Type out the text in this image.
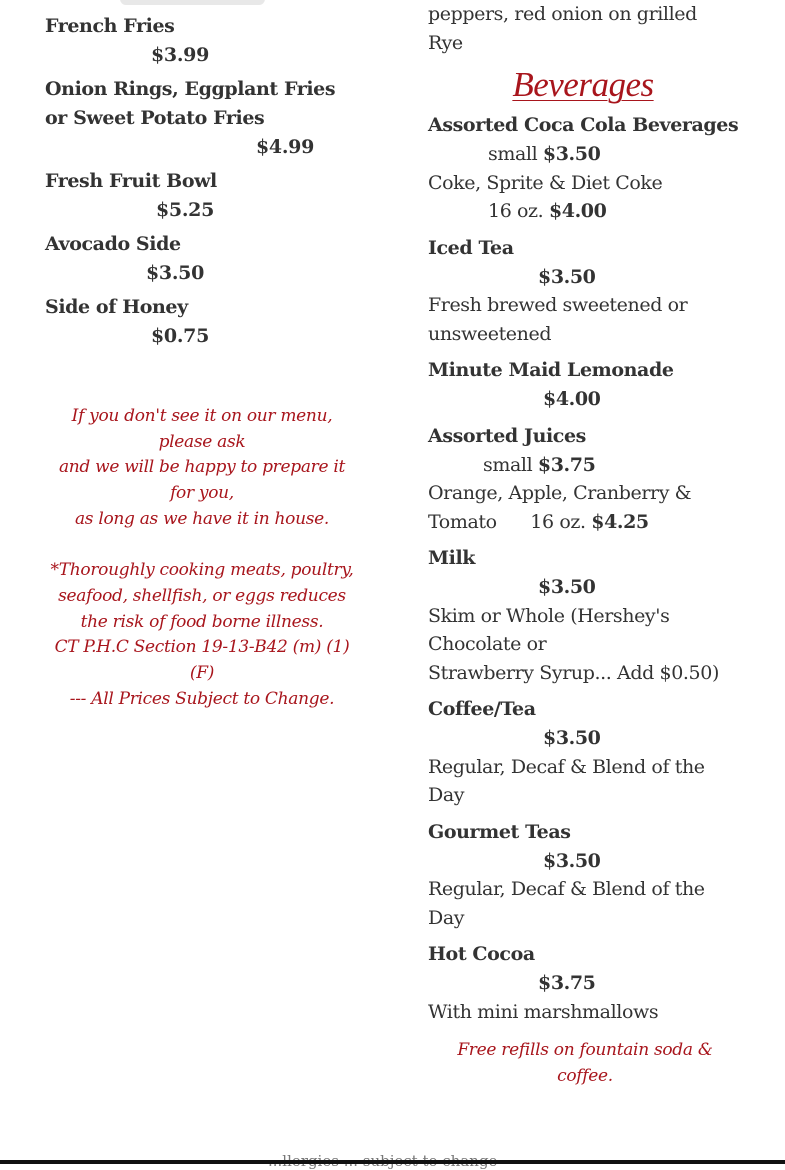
French Fries
$3.99
Onion Rings, Eggplant Fries
or Sweet Potato Fries
$4.99
Fresh Fruit Bowl
$5.25
Avocado Side
$3.50
Side of Honey
$0.75
If you don't see it on our menu,
please ask
and we will be happy to prepare it
for you,
as long as we have it in house.
*Thoroughly cooking meats, poultry,
seafood, shellfish, or eggs reduces
the risk of food borne illness.
CT P.H.C Section 19-13-B42 (m) (1)
(F)
--- All Prices Subject to Change.
peppers, red onion on grilled
Rye
Beverages
Assorted Coca Cola Beverages
small $3.50
Coke, Sprite & Diet Coke
16 oz. $4.00
Iced Tea
$3.50
Fresh brewed sweetened or
unsweetened
Minute Maid Lemonade
$4.00
Assorted Juices
small $3.75
Orange, Apple, Cranberry &
Tomato 16 oz. $4.25
Milk
$3.50
Skim or Whole (Hershey's
Chocolate or
Strawberry Syrup... Add $0.50)
Coffee/Tea
$3.50
Regular, Decaf & Blend of the
Day
Gourmet Teas
$3.50
Regular, Decaf & Blend of the
Day
Hot Cocoa
$3.75
With mini marshmallows
Free refills on fountain soda &
coffee.
